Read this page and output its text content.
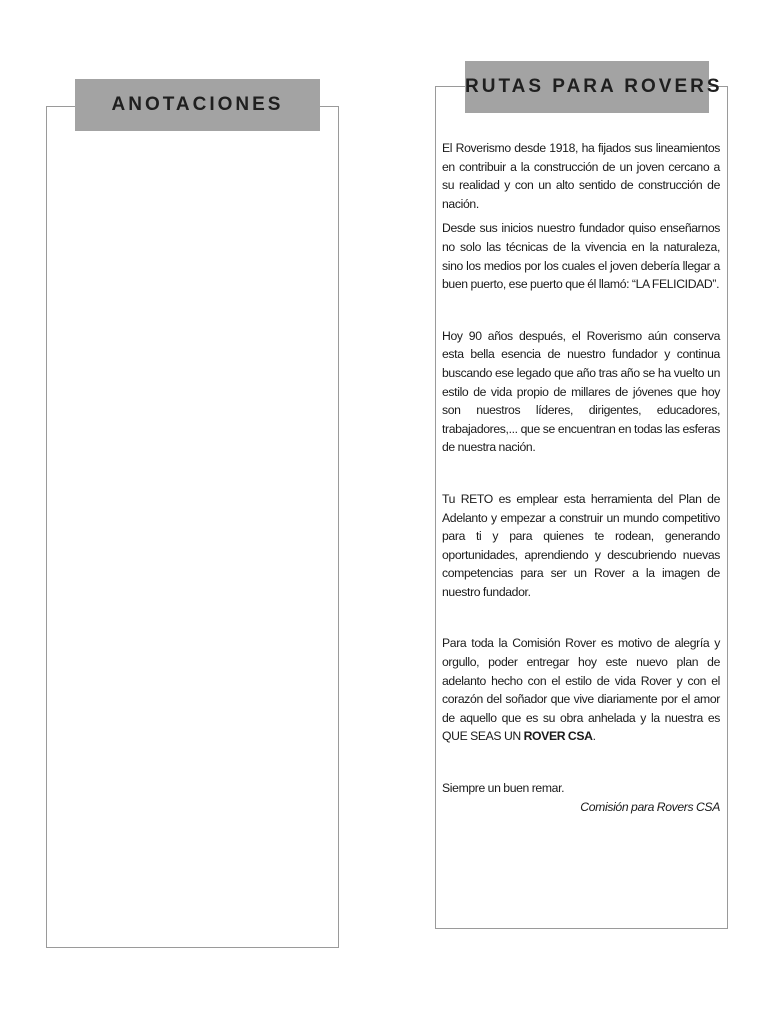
ANOTACIONES
RUTAS PARA ROVERS

El Roverismo desde 1918, ha fijados sus lineamientos en contribuir a la construcción de un joven cercano a su realidad y con un alto sentido de construcción de nación.

Desde sus inicios nuestro fundador quiso enseñarnos no solo las técnicas de la vivencia en la naturaleza, sino los medios por los cuales el joven debería llegar a buen puerto, ese puerto que él llamó: “LA FELICIDAD”.

Hoy 90 años después, el Roverismo aún conserva esta bella esencia de nuestro fundador y continua buscando ese legado que año tras año se ha vuelto un estilo de vida propio de millares de jóvenes que hoy son nuestros líderes, dirigentes, educadores, trabajadores,... que se encuentran en todas las esferas de nuestra nación.

Tu RETO es emplear esta herramienta del Plan de Adelanto y empezar a construir un mundo competitivo para ti y para quienes te rodean, generando oportunidades, aprendiendo y descubriendo nuevas competencias para ser un Rover a la imagen de nuestro fundador.

Para toda la Comisión Rover es motivo de alegría y orgullo, poder entregar hoy este nuevo plan de adelanto hecho con el estilo de vida Rover y con el corazón del soñador que vive diariamente por el amor de aquello que es su obra anhelada y la nuestra es QUE SEAS UN ROVER CSA.

Siempre un buen remar.

Comisión para Rovers CSA
